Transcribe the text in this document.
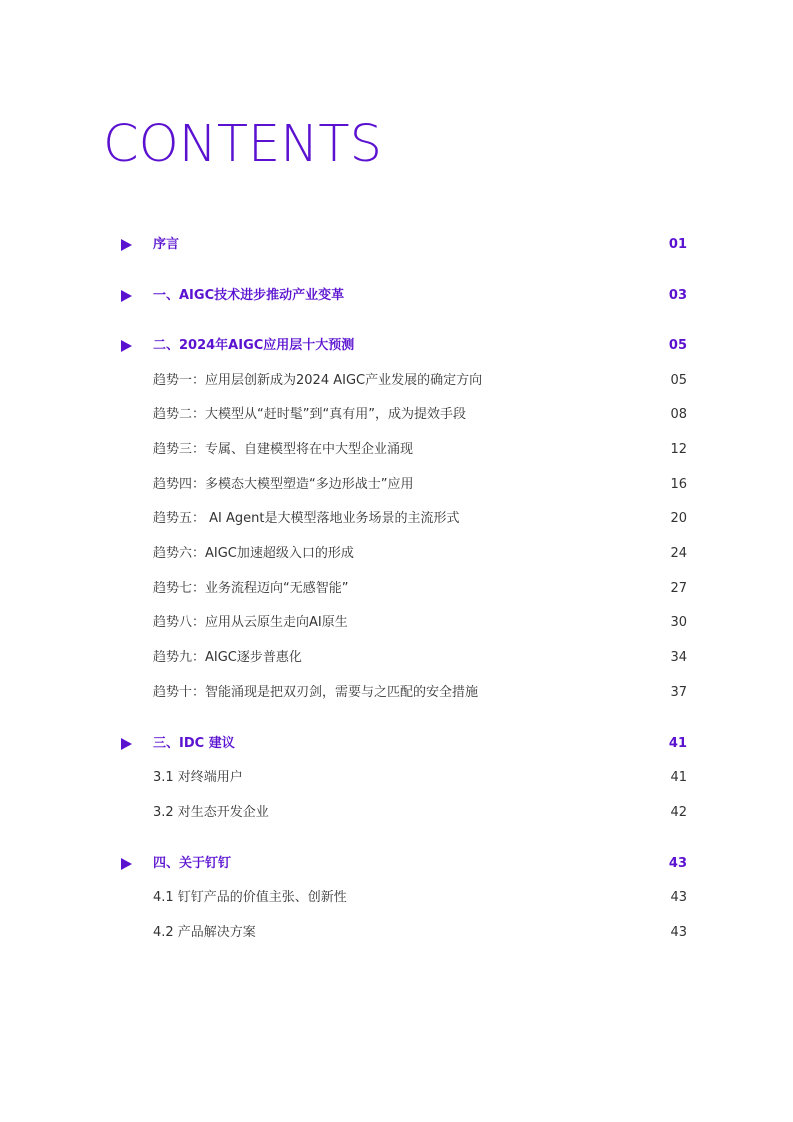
CONTENTS
序言	01
一、AIGC技术进步推动产业变革	03
二、2024年AIGC应用层十大预测	05
趋势一：应用层创新成为2024 AIGC产业发展的确定方向	05
趋势二：大模型从“赶时髦”到“真有用”，成为提效手段	08
趋势三：专属、自建模型将在中大型企业涌现	12
趋势四：多模态大模型塑造“多边形战士”应用	16
趋势五： AI Agent是大模型落地业务场景的主流形式	20
趋势六：AIGC加速超级入口的形成	24
趋势七：业务流程迈向“无感智能”	27
趋势八：应用从云原生走向AI原生	30
趋势九：AIGC逐步普惠化	34
趋势十：智能涌现是把双刃剑，需要与之匹配的安全措施	37
三、IDC 建议	41
3.1 对终端用户	41
3.2 对生态开发企业	42
四、关于钉钉	43
4.1 钉钉产品的价值主张、创新性	43
4.2 产品解决方案	43
